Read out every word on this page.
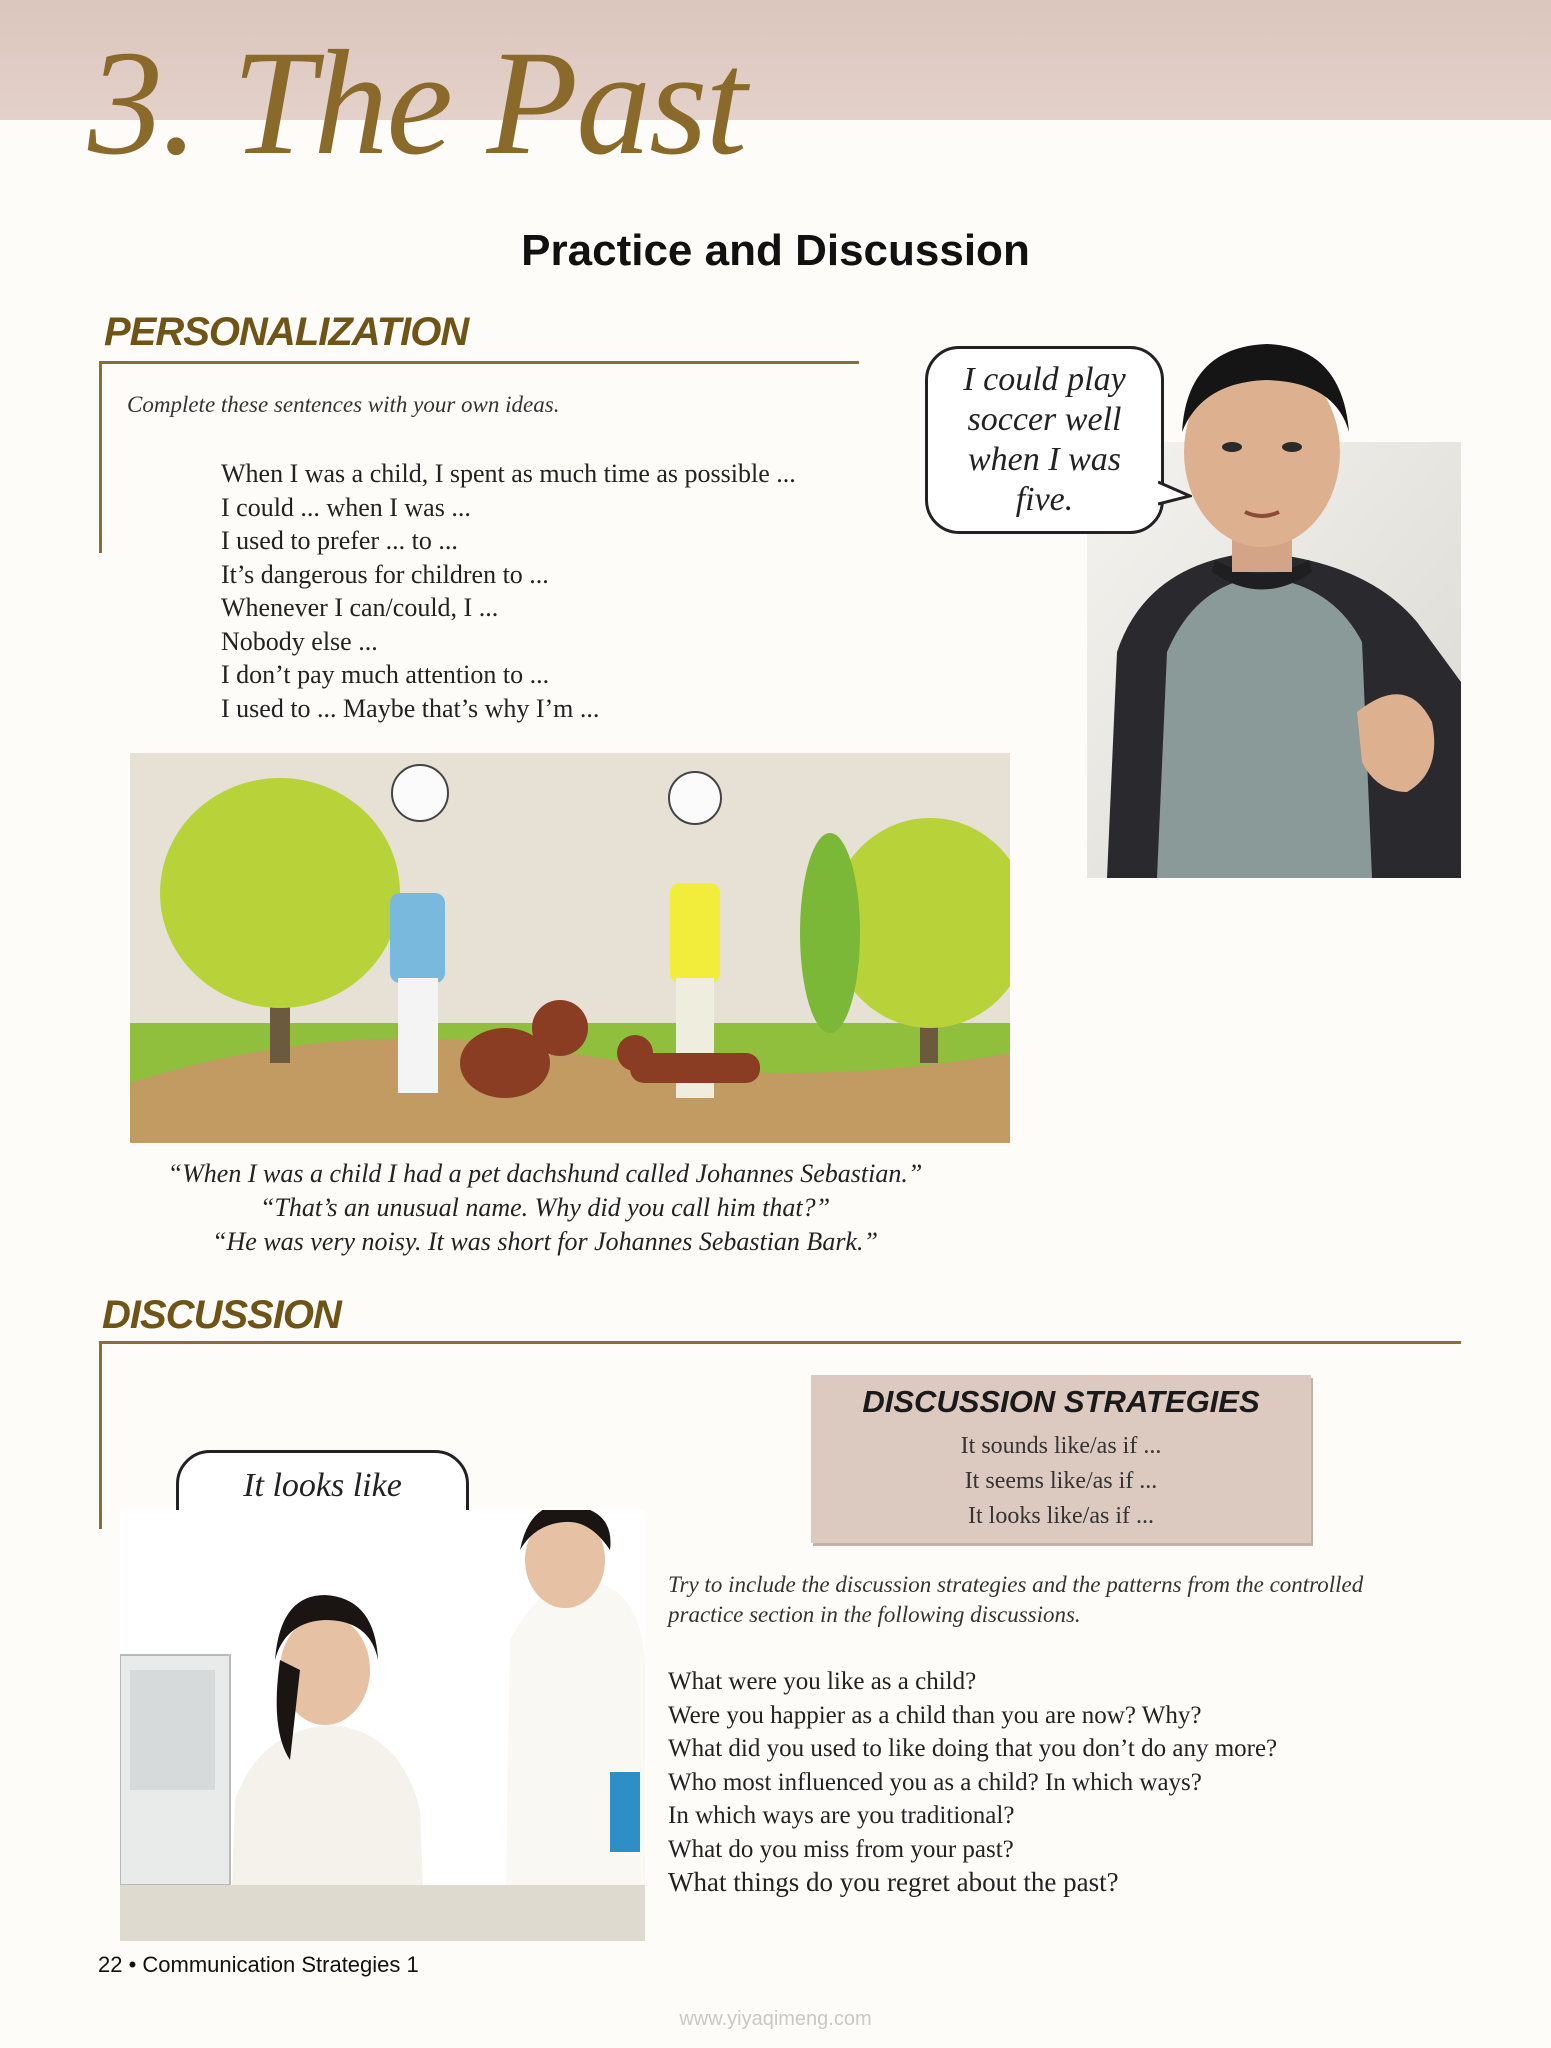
3. The Past
Practice and Discussion
PERSONALIZATION
Complete these sentences with your own ideas.
When I was a child, I spent as much time as possible ...
I could ... when I was ...
I used to prefer ... to ...
It’s dangerous for children to ...
Whenever I can/could, I ...
Nobody else ...
I don’t pay much attention to ...
I used to ... Maybe that’s why I’m ...
I could play soccer well when I was five.
“When I was a child I had a pet dachshund called Johannes Sebastian.”
“That’s an unusual name. Why did you call him that?”
“He was very noisy. It was short for Johannes Sebastian Bark.”
DISCUSSION
DISCUSSION STRATEGIES
It sounds like/as if ...
It seems like/as if ...
It looks like/as if ...
It looks like
Try to include the discussion strategies and the patterns from the controlled practice section in the following discussions.
What were you like as a child?
Were you happier as a child than you are now? Why?
What did you used to like doing that you don’t do any more?
Who most influenced you as a child? In which ways?
In which ways are you traditional?
What do you miss from your past?
What things do you regret about the past?
22 • Communication Strategies 1
www.yiyaqimeng.com
